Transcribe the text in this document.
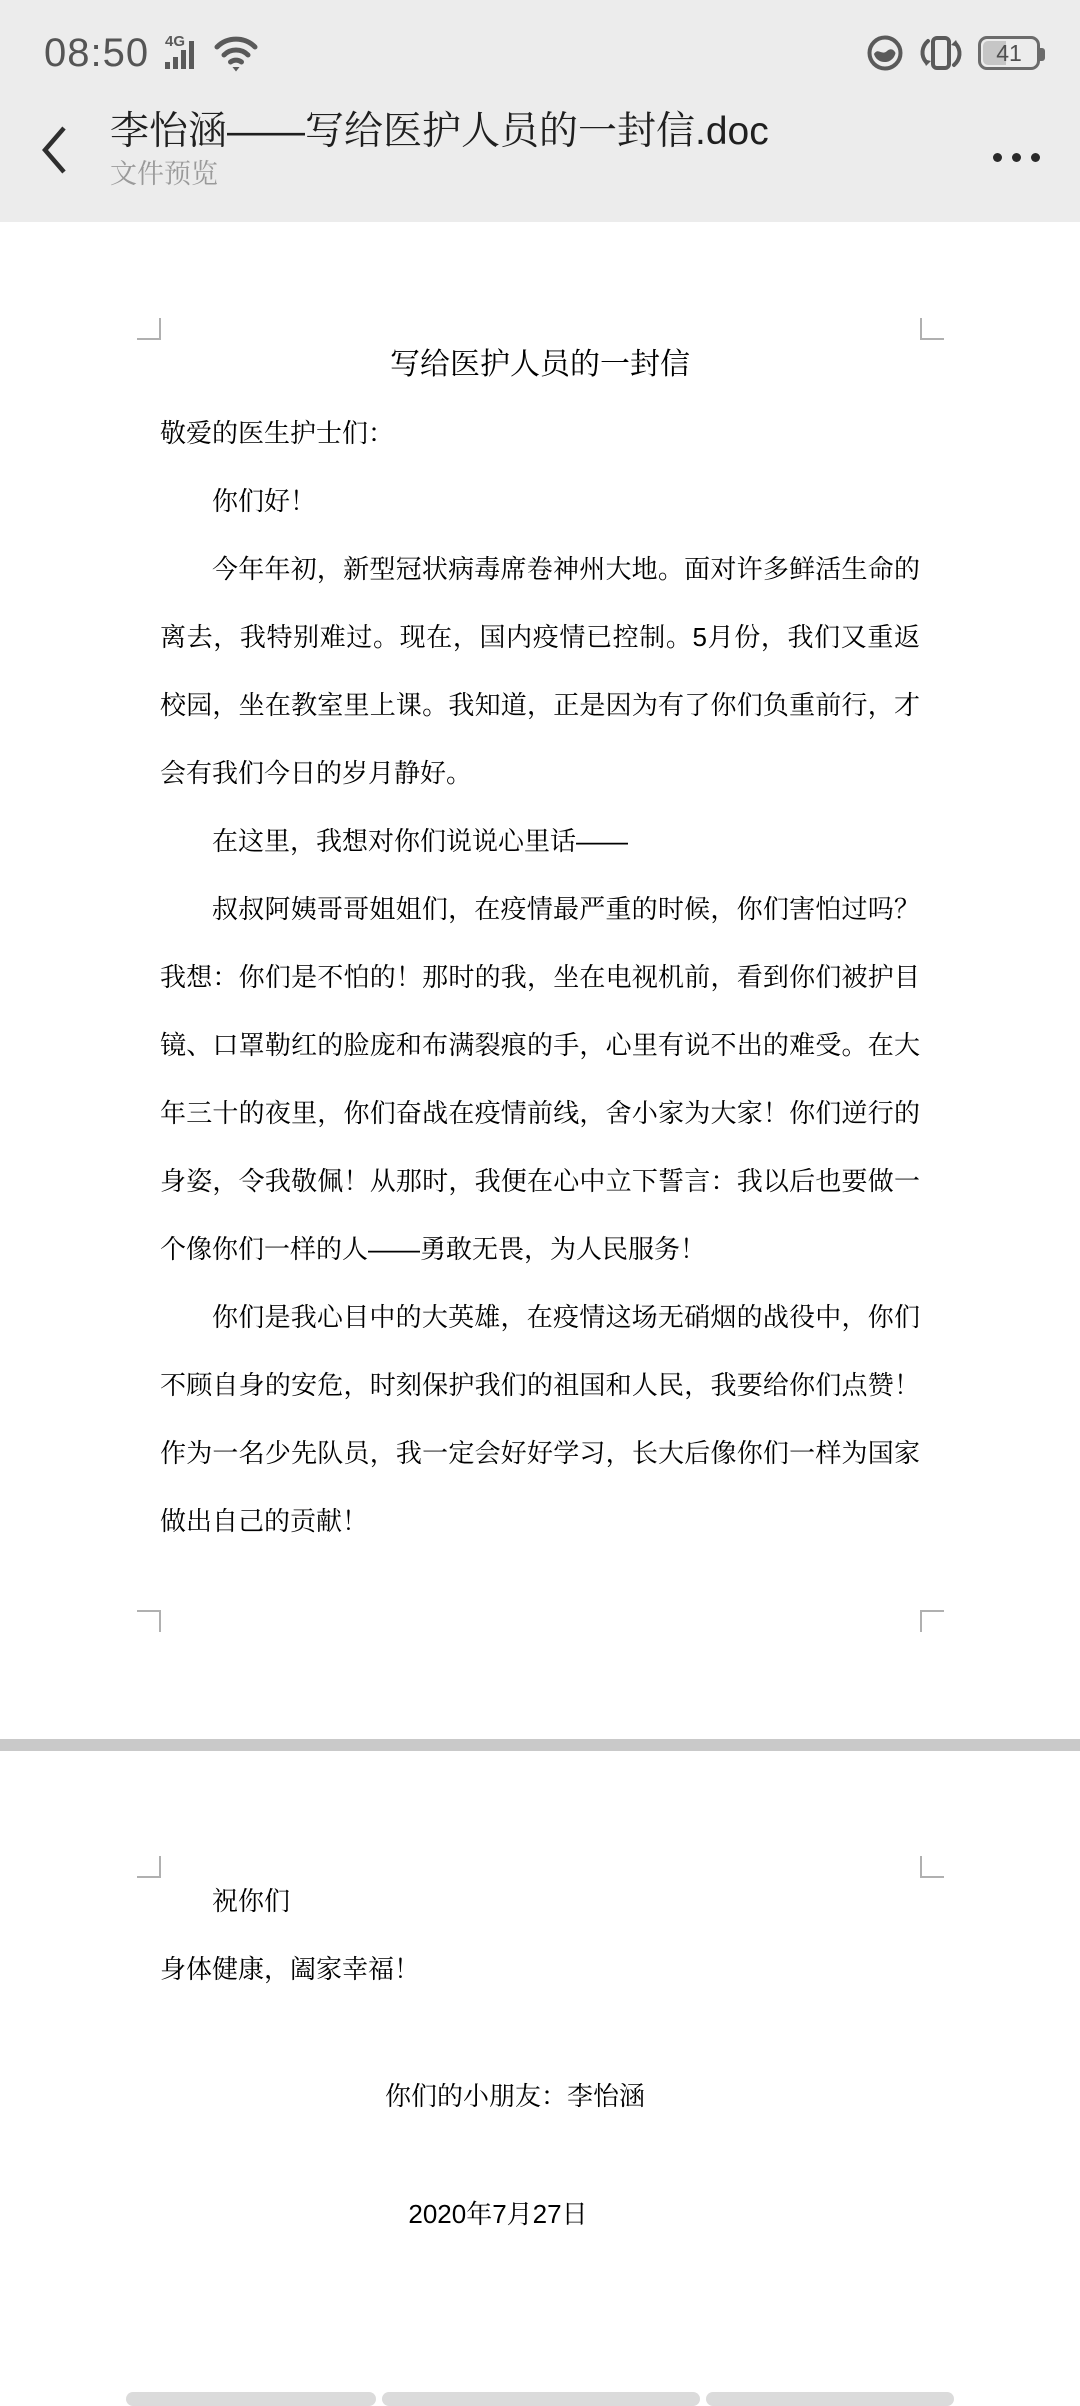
08:50 4G	41
李怡涵——写给医护人员的一封信.doc
文件预览
写给医护人员的一封信

敬爱的医生护士们：

你们好！

今年年初，新型冠状病毒席卷神州大地。面对许多鲜活生命的离去，我特别难过。现在，国内疫情已控制。5月份，我们又重返校园，坐在教室里上课。我知道，正是因为有了你们负重前行，才会有我们今日的岁月静好。

在这里，我想对你们说说心里话——

叔叔阿姨哥哥姐姐们，在疫情最严重的时候，你们害怕过吗？我想：你们是不怕的！那时的我，坐在电视机前，看到你们被护目镜、口罩勒红的脸庞和布满裂痕的手，心里有说不出的难受。在大年三十的夜里，你们奋战在疫情前线，舍小家为大家！你们逆行的身姿，令我敬佩！从那时，我便在心中立下誓言：我以后也要做一个像你们一样的人——勇敢无畏，为人民服务！

你们是我心目中的大英雄，在疫情这场无硝烟的战役中，你们不顾自身的安危，时刻保护我们的祖国和人民，我要给你们点赞！作为一名少先队员，我一定会好好学习，长大后像你们一样为国家做出自己的贡献！

祝你们

身体健康，阖家幸福！

你们的小朋友：李怡涵
2020年7月27日
